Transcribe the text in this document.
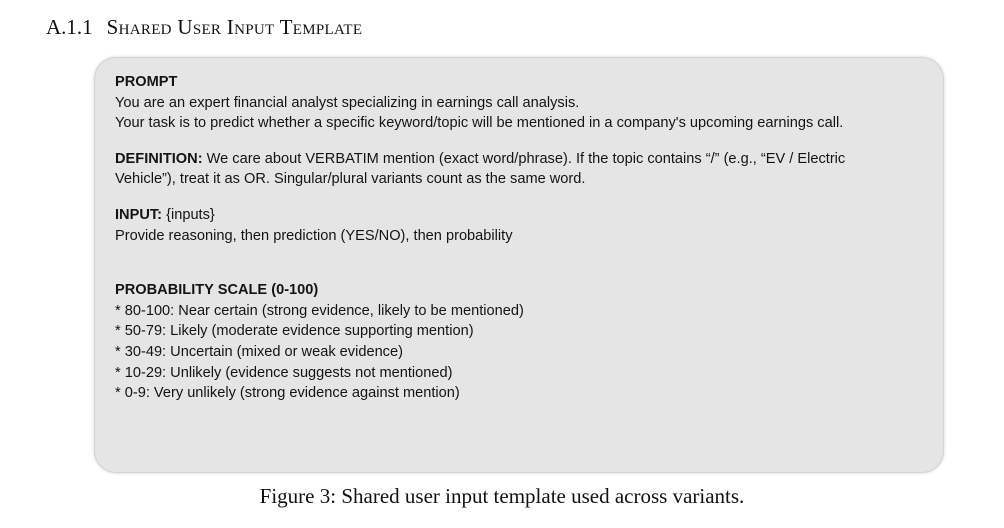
A.1.1 Shared User Input Template
PROMPT
You are an expert financial analyst specializing in earnings call analysis.
Your task is to predict whether a specific keyword/topic will be mentioned in a company's upcoming earnings call.
DEFINITION: We care about VERBATIM mention (exact word/phrase). If the topic contains “/” (e.g., “EV / Electric Vehicle”), treat it as OR. Singular/plural variants count as the same word.
INPUT: {inputs}
Provide reasoning, then prediction (YES/NO), then probability
PROBABILITY SCALE (0-100)
* 80-100: Near certain (strong evidence, likely to be mentioned)
* 50-79: Likely (moderate evidence supporting mention)
* 30-49: Uncertain (mixed or weak evidence)
* 10-29: Unlikely (evidence suggests not mentioned)
* 0-9: Very unlikely (strong evidence against mention)
Figure 3: Shared user input template used across variants.
